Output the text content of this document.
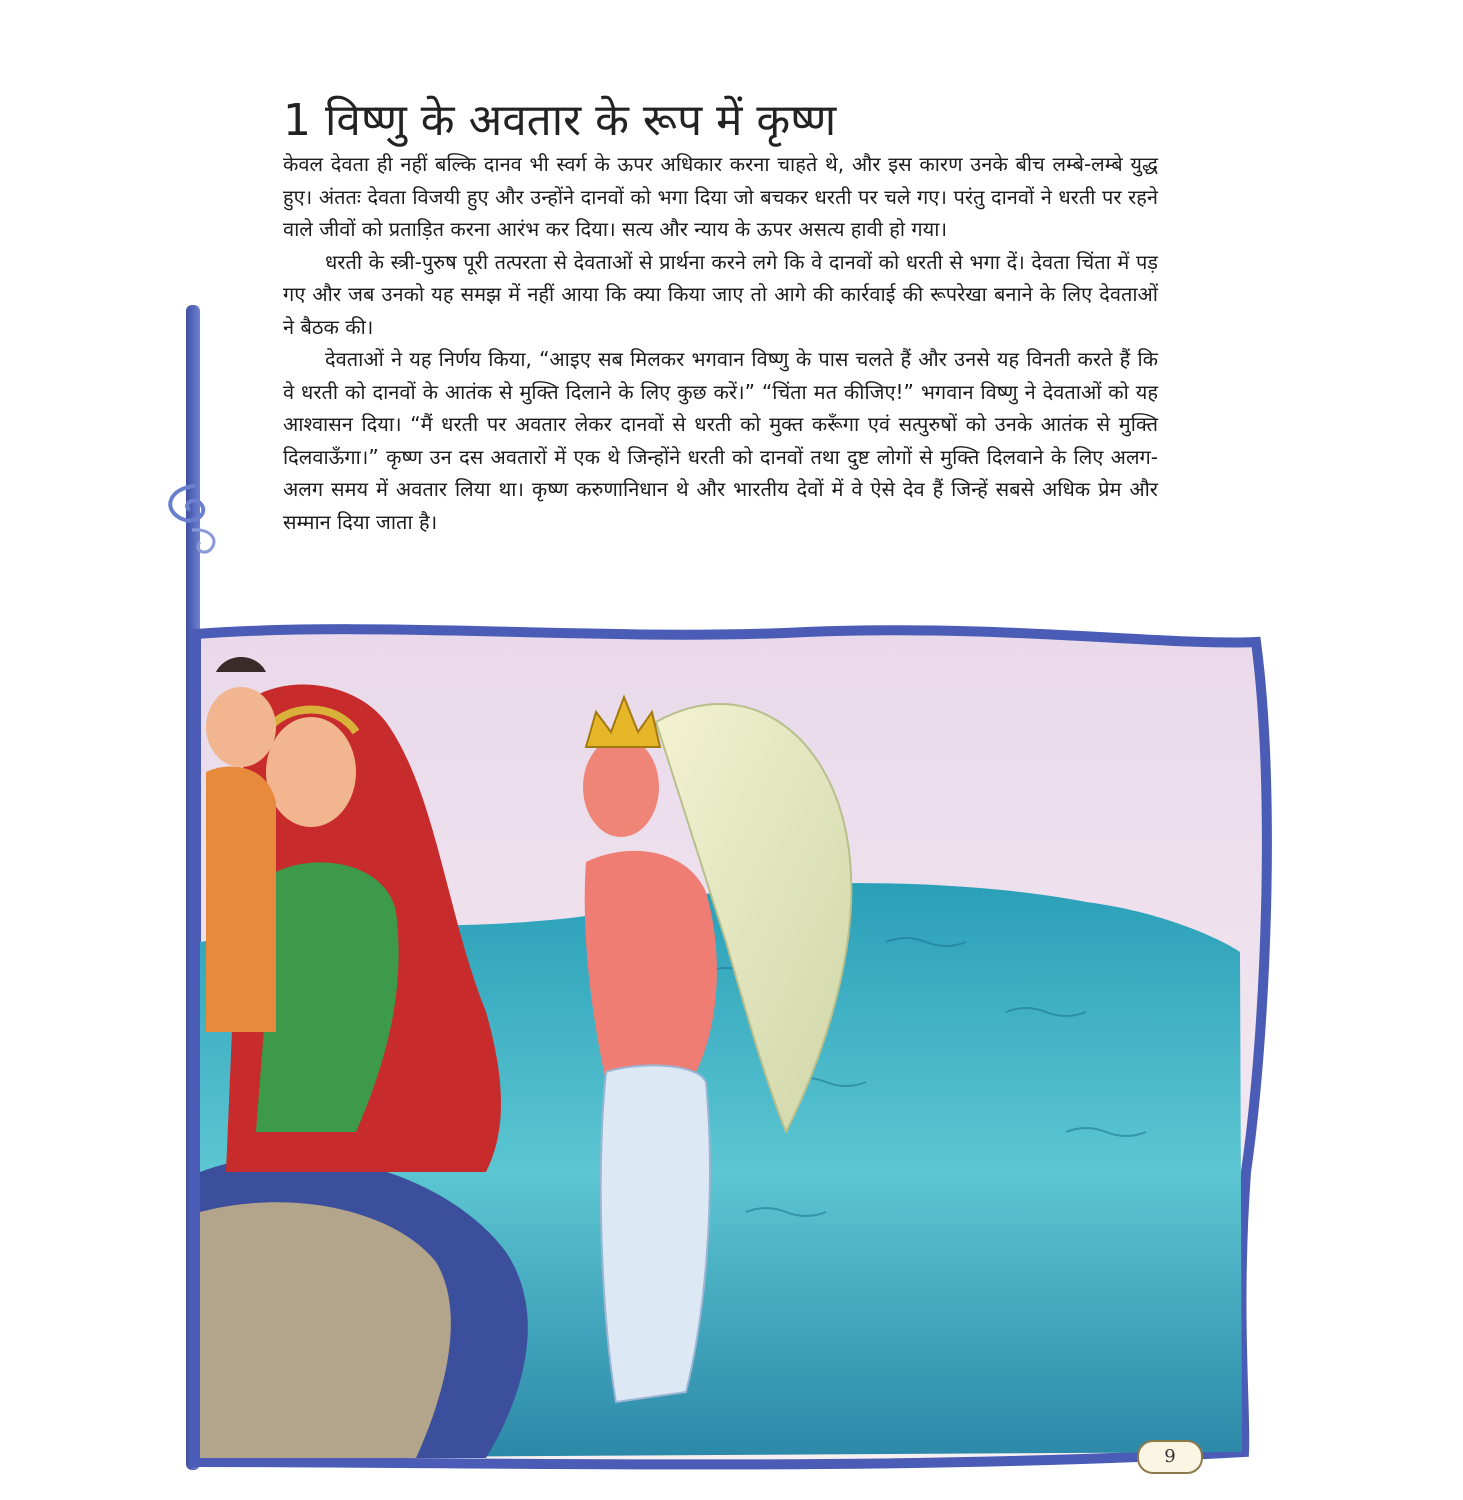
1 विष्णु के अवतार के रूप में कृष्ण

केवल देवता ही नहीं बल्कि दानव भी स्वर्ग के ऊपर अधिकार करना चाहते थे, और इस कारण उनके बीच लम्बे-लम्बे युद्ध हुए। अंततः देवता विजयी हुए और उन्होंने दानवों को भगा दिया जो बचकर धरती पर चले गए। परंतु दानवों ने धरती पर रहने वाले जीवों को प्रताड़ित करना आरंभ कर दिया। सत्य और न्याय के ऊपर असत्य हावी हो गया।

धरती के स्त्री-पुरुष पूरी तत्परता से देवताओं से प्रार्थना करने लगे कि वे दानवों को धरती से भगा दें। देवता चिंता में पड़ गए और जब उनको यह समझ में नहीं आया कि क्या किया जाए तो आगे की कार्रवाई की रूपरेखा बनाने के लिए देवताओं ने बैठक की।

देवताओं ने यह निर्णय किया, “आइए सब मिलकर भगवान विष्णु के पास चलते हैं और उनसे यह विनती करते हैं कि वे धरती को दानवों के आतंक से मुक्ति दिलाने के लिए कुछ करें।” “चिंता मत कीजिए!” भगवान विष्णु ने देवताओं को यह आश्वासन दिया। “मैं धरती पर अवतार लेकर दानवों से धरती को मुक्त करूँगा एवं सत्पुरुषों को उनके आतंक से मुक्ति दिलवाऊँगा।” कृष्ण उन दस अवतारों में एक थे जिन्होंने धरती को दानवों तथा दुष्ट लोगों से मुक्ति दिलवाने के लिए अलग-अलग समय में अवतार लिया था। कृष्ण करुणानिधान थे और भारतीय देवों में वे ऐसे देव हैं जिन्हें सबसे अधिक प्रेम और सम्मान दिया जाता है।

9
